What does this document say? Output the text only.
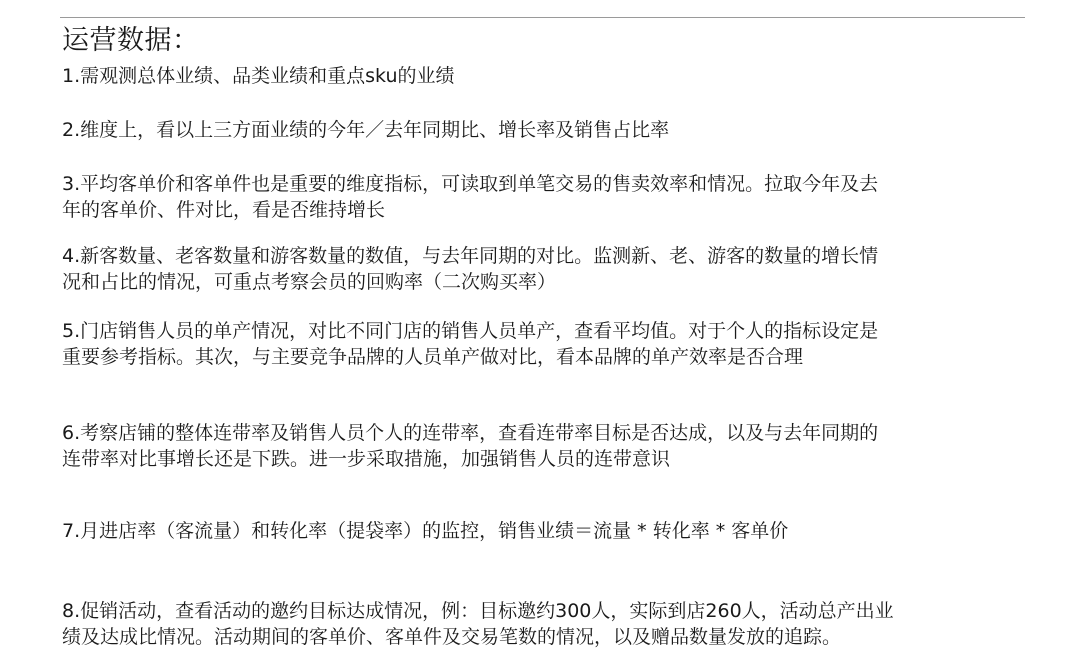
运营数据：
1.需观测总体业绩、品类业绩和重点sku的业绩
2.维度上，看以上三方面业绩的今年／去年同期比、增长率及销售占比率
3.平均客单价和客单件也是重要的维度指标，可读取到单笔交易的售卖效率和情况。拉取今年及去
年的客单价、件对比，看是否维持增长
4.新客数量、老客数量和游客数量的数值，与去年同期的对比。监测新、老、游客的数量的增长情
况和占比的情况，可重点考察会员的回购率（二次购买率）
5.门店销售人员的单产情况，对比不同门店的销售人员单产，查看平均值。对于个人的指标设定是
重要参考指标。其次，与主要竞争品牌的人员单产做对比，看本品牌的单产效率是否合理
6.考察店铺的整体连带率及销售人员个人的连带率，查看连带率目标是否达成，以及与去年同期的
连带率对比事增长还是下跌。进一步采取措施，加强销售人员的连带意识
7.月进店率（客流量）和转化率（提袋率）的监控，销售业绩＝流量 * 转化率 * 客单价
8.促销活动，查看活动的邀约目标达成情况，例：目标邀约300人，实际到店260人，活动总产出业
绩及达成比情况。活动期间的客单价、客单件及交易笔数的情况，以及赠品数量发放的追踪。
